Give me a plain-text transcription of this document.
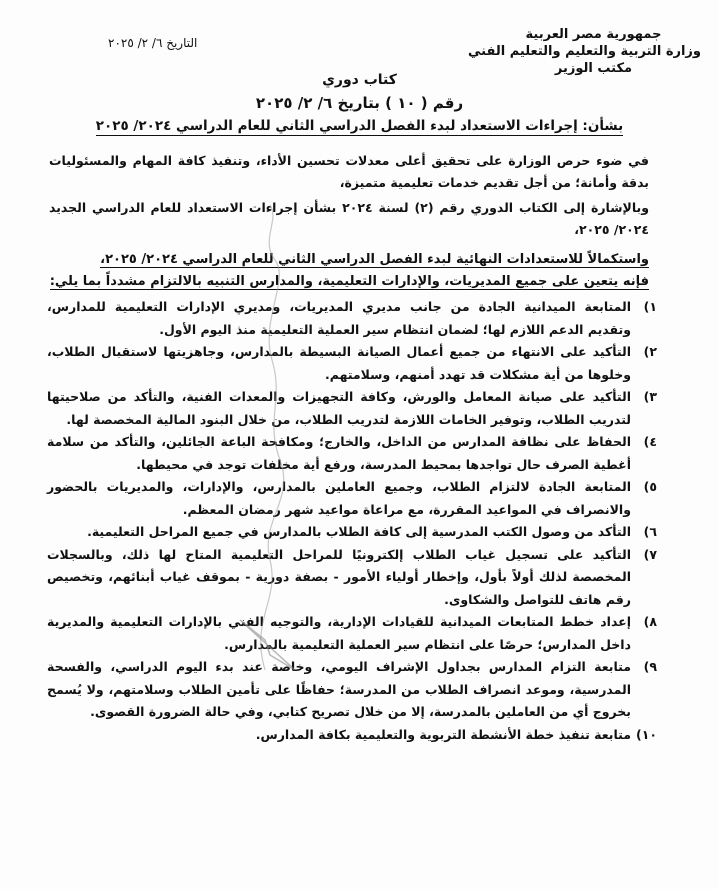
جمهورية مصر العربية
وزارة التربية والتعليم والتعليم الفني
مكتب الوزير
التاريخ ٦/ ٢/ ٢٠٢٥
كتاب دوري
رقم ( ١٠ ) بتاريخ ٦/ ٢/ ٢٠٢٥
بشأن: إجراءات الاستعداد لبدء الفصل الدراسي الثاني للعام الدراسي ٢٠٢٤/ ٢٠٢٥
في ضوء حرص الوزارة على تحقيق أعلى معدلات تحسين الأداء، وتنفيذ كافة المهام والمسئوليات بدقة وأمانة؛ من أجل تقديم خدمات تعليمية متميزة،
وبالإشارة إلى الكتاب الدوري رقم (٢) لسنة ٢٠٢٤ بشأن إجراءات الاستعداد للعام الدراسي الجديد ٢٠٢٤/ ٢٠٢٥،
واستكمالاً للاستعدادات النهائية لبدء الفصل الدراسي الثاني للعام الدراسي ٢٠٢٤/ ٢٠٢٥،
فإنه يتعين على جميع المديريات، والإدارات التعليمية، والمدارس التنبيه بالالتزام مشدداً بما يلي:
١)
المتابعة الميدانية الجادة من جانب مديري المديريات، ومديري الإدارات التعليمية للمدارس، وتقديم الدعم اللازم لها؛ لضمان انتظام سير العملية التعليمية منذ اليوم الأول.
٢)
التأكيد على الانتهاء من جميع أعمال الصيانة البسيطة بالمدارس، وجاهزيتها لاستقبال الطلاب، وخلوها من أية مشكلات قد تهدد أمنهم، وسلامتهم.
٣)
التأكيد على صيانة المعامل والورش، وكافة التجهيزات والمعدات الفنية، والتأكد من صلاحيتها لتدريب الطلاب، وتوفير الخامات اللازمة لتدريب الطلاب، من خلال البنود المالية المخصصة لها.
٤)
الحفاظ على نظافة المدارس من الداخل، والخارج؛ ومكافحة الباعة الجائلين، والتأكد من سلامة أغطية الصرف حال تواجدها بمحيط المدرسة، ورفع أية مخلفات توجد في محيطها.
٥)
المتابعة الجادة لالتزام الطلاب، وجميع العاملين بالمدارس، والإدارات، والمديريات بالحضور والانصراف في المواعيد المقررة، مع مراعاة مواعيد شهر رمضان المعظم.
٦)
التأكد من وصول الكتب المدرسية إلى كافة الطلاب بالمدارس في جميع المراحل التعليمية.
٧)
التأكيد على تسجيل غياب الطلاب إلكترونيًا للمراحل التعليمية المتاح لها ذلك، وبالسجلات المخصصة لذلك أولاً بأول، وإخطار أولياء الأمور - بصفة دورية - بموقف غياب أبنائهم، وتخصيص رقم هاتف للتواصل والشكاوى.
٨)
إعداد خطط المتابعات الميدانية للقيادات الإدارية، والتوجيه الفني بالإدارات التعليمية والمديرية داخل المدارس؛ حرصًا على انتظام سير العملية التعليمية بالمدارس.
٩)
متابعة التزام المدارس بجداول الإشراف اليومي، وخاصة عند بدء اليوم الدراسي، والفسحة المدرسية، وموعد انصراف الطلاب من المدرسة؛ حفاظًا على تأمين الطلاب وسلامتهم، ولا يُسمح بخروج أي من العاملين بالمدرسة، إلا من خلال تصريح كتابي، وفي حالة الضرورة القصوى.
١٠)
متابعة تنفيذ خطة الأنشطة التربوية والتعليمية بكافة المدارس.
